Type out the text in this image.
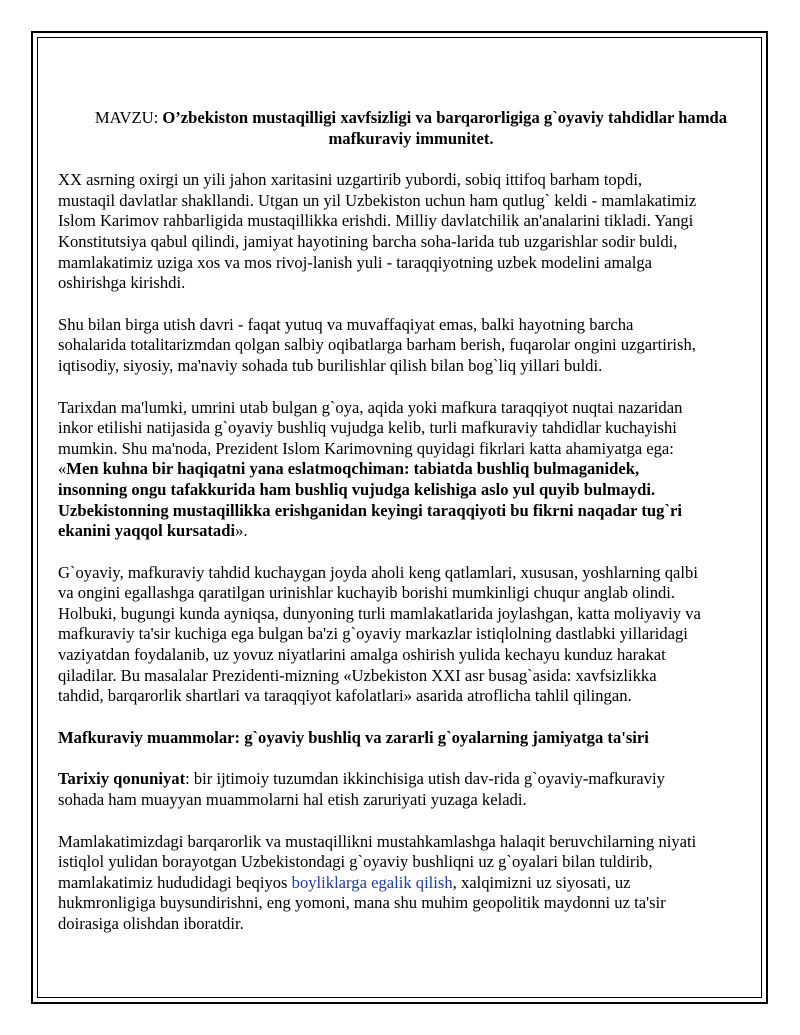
MAVZU: O’zbekiston mustaqilligi xavfsizligi va barqarorligiga g`oyaviy tahdidlar hamda
mafkuraviy immunitet.
XX asrning oxirgi un yili jahon xaritasini uzgartirib yubordi, sobiq ittifoq barham topdi,
mustaqil davlatlar shakllandi. Utgan un yil Uzbekiston uchun ham qutlug` keldi - mamlakatimiz
Islom Karimov rahbarligida mustaqillikka erishdi. Milliy davlatchilik an'analarini tikladi. Yangi
Konstitutsiya qabul qilindi, jamiyat hayotining barcha soha-larida tub uzgarishlar sodir buldi,
mamlakatimiz uziga xos va mos rivoj-lanish yuli - taraqqiyotning uzbek modelini amalga
oshirishga kirishdi.
Shu bilan birga utish davri - faqat yutuq va muvaffaqiyat emas, balki hayotning barcha
sohalarida totalitarizmdan qolgan salbiy oqibatlarga barham berish, fuqarolar ongini uzgartirish,
iqtisodiy, siyosiy, ma'naviy sohada tub burilishlar qilish bilan bog`liq yillari buldi.
Tarixdan ma'lumki, umrini utab bulgan g`oya, aqida yoki mafkura taraqqiyot nuqtai nazaridan
inkor etilishi natijasida g`oyaviy bushliq vujudga kelib, turli mafkuraviy tahdidlar kuchayishi
mumkin. Shu ma'noda, Prezident Islom Karimovning quyidagi fikrlari katta ahamiyatga ega:
«Men kuhna bir haqiqatni yana eslatmoqchiman: tabiatda bushliq bulmaganidek,
insonning ongu tafakkurida ham bushliq vujudga kelishiga aslo yul quyib bulmaydi.
Uzbekistonning mustaqillikka erishganidan keyingi taraqqiyoti bu fikrni naqadar tug`ri
ekanini yaqqol kursatadi».
G`oyaviy, mafkuraviy tahdid kuchaygan joyda aholi keng qatlamlari, xususan, yoshlarning qalbi
va ongini egallashga qaratilgan urinishlar kuchayib borishi mumkinligi chuqur anglab olindi.
Holbuki, bugungi kunda ayniqsa, dunyoning turli mamlakatlarida joylashgan, katta moliyaviy va
mafkuraviy ta'sir kuchiga ega bulgan ba'zi g`oyaviy markazlar istiqlolning dastlabki yillaridagi
vaziyatdan foydalanib, uz yovuz niyatlarini amalga oshirish yulida kechayu kunduz harakat
qiladilar. Bu masalalar Prezidenti-mizning «Uzbekiston XXI asr busag`asida: xavfsizlikka
tahdid, barqarorlik shartlari va taraqqiyot kafolatlari» asarida atroflicha tahlil qilingan.
Mafkuraviy muammolar: g`oyaviy bushliq va zararli g`oyalarning jamiyatga ta'siri
Tarixiy qonuniyat: bir ijtimoiy tuzumdan ikkinchisiga utish dav-rida g`oyaviy-mafkuraviy
sohada ham muayyan muammolarni hal etish zaruriyati yuzaga keladi.
Mamlakatimizdagi barqarorlik va mustaqillikni mustahkamlashga halaqit beruvchilarning niyati
istiqlol yulidan borayotgan Uzbekistondagi g`oyaviy bushliqni uz g`oyalari bilan tuldirib,
mamlakatimiz hududidagi beqiyos boyliklarga egalik qilish, xalqimizni uz siyosati, uz
hukmronligiga buysundirishni, eng yomoni, mana shu muhim geopolitik maydonni uz ta'sir
doirasiga olishdan iboratdir.
